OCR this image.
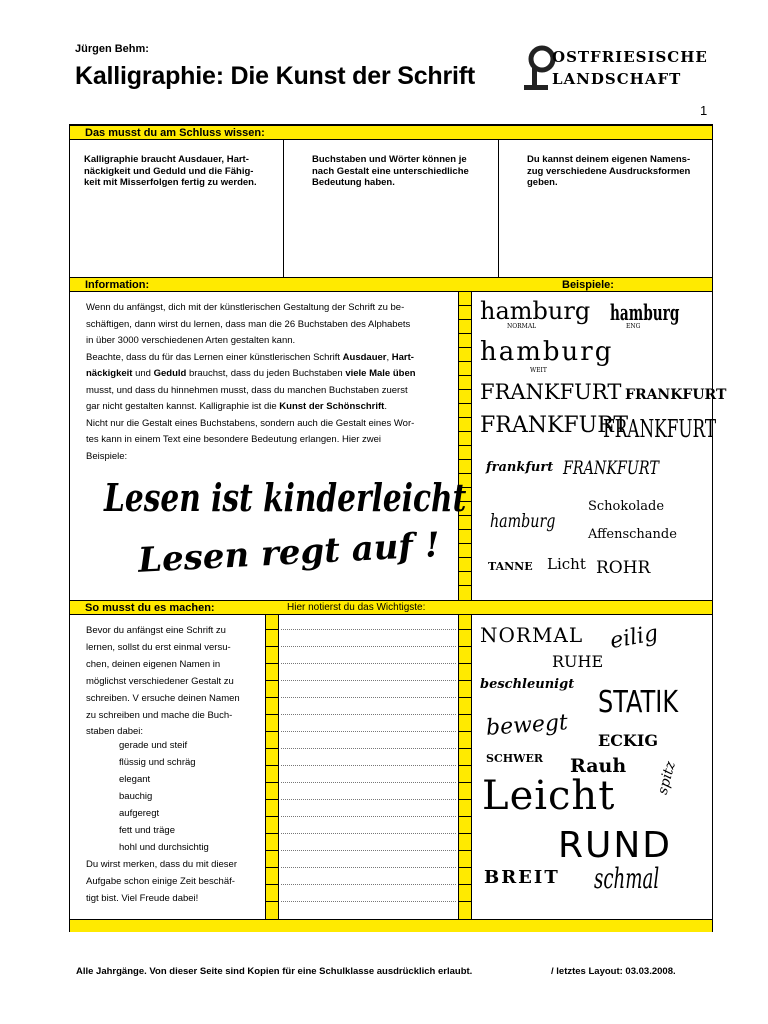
Jürgen Behm:
Kalligraphie: Die Kunst der Schrift
OSTFRIESISCHE
LANDSCHAFT
1
Das musst du am Schluss wissen:
Kalligraphie braucht Ausdauer, Hart-
näckigkeit und Geduld und die Fähig-
keit mit Misserfolgen fertig zu werden.
Buchstaben und Wörter können je
nach Gestalt eine unterschiedliche
Bedeutung haben.
Du kannst deinem eigenen Namens-
zug verschiedene Ausdrucksformen
geben.
Information:	Beispiele:
Wenn du anfängst, dich mit der künstlerischen Gestaltung der Schrift zu be-
schäftigen, dann wirst du lernen, dass man die 26 Buchstaben des Alphabets
in über 3000 verschiedenen Arten gestalten kann.
Beachte, dass du für das Lernen einer künstlerischen Schrift Ausdauer, Hart-
näckigkeit und Geduld brauchst, dass du jeden Buchstaben viele Male üben
musst, und dass du hinnehmen musst, dass du manchen Buchstaben zuerst
gar nicht gestalten kannst. Kalligraphie ist die Kunst der Schönschrift.
Nicht nur die Gestalt eines Buchstabens, sondern auch die Gestalt eines Wor-
tes kann in einem Text eine besondere Bedeutung erlangen. Hier zwei
Beispiele:
Lesen ist kinderleicht
Lesen regt auf !
hamburg
NORMAL
hamburg
ENG
hamburg
WEIT
FRANKFURT FRANKFURT
FRANKFURT
FRANKFURT
frankfurt FRANKFURT
hamburg
Schokolade
Affenschande
TANNE Licht ROHR
So musst du es machen:	Hier notierst du das Wichtigste:
Bevor du anfängst eine Schrift zu
lernen, sollst du erst einmal versu-
chen, deinen eigenen Namen in
möglichst verschiedener Gestalt zu
schreiben. V ersuche deinen Namen
zu schreiben und mache die Buch-
staben dabei:
gerade und steif
flüssig und schräg
elegant
bauchig
aufgeregt
fett und träge
hohl und durchsichtig
Du wirst merken, dass du mit dieser
Aufgabe schon einige Zeit beschäf-
tigt bist. Viel Freude dabei!
NORMAL eilig
RUHE
beschleunigt
STATIK
bewegt ECKIG
SCHWER Rauh spitz
Leicht
RUND
BREIT schmal
Alle Jahrgänge. Von dieser Seite sind Kopien für eine Schulklasse ausdrücklich erlaubt.	/ letztes Layout: 03.03.2008.
